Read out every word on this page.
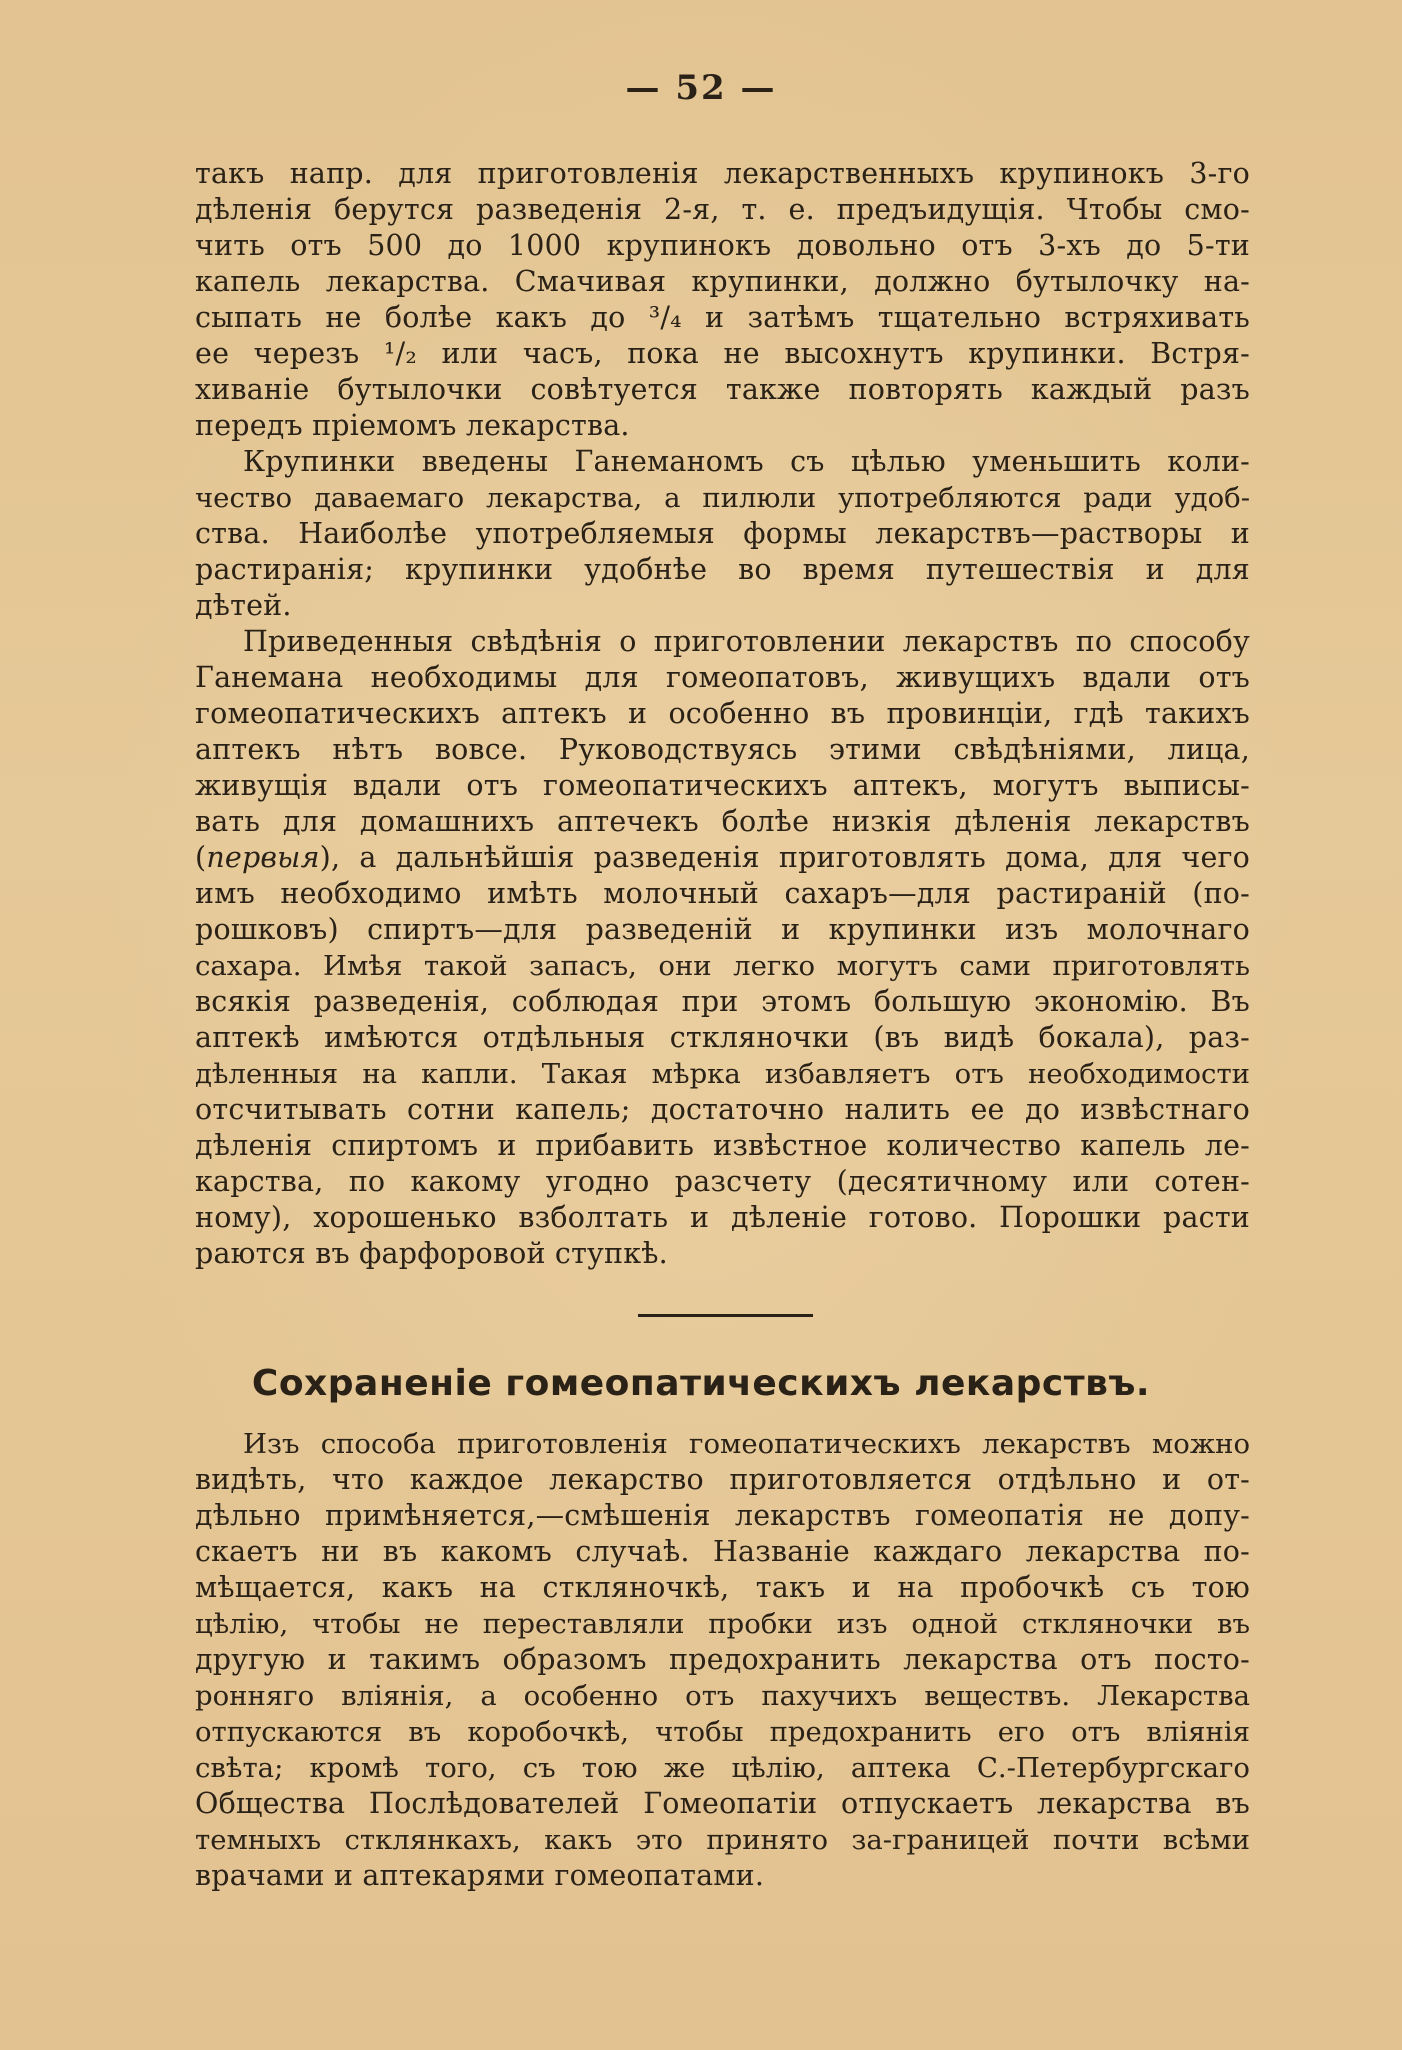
— 52 —
такъ напр. для приготовленія лекарственныхъ крупинокъ 3-го
дѣленія берутся разведенія 2-я, т. е. предъидущія. Чтобы смо-
чить отъ 500 до 1000 крупинокъ довольно отъ 3-хъ до 5-ти
капель лекарства. Смачивая крупинки, должно бутылочку на-
сыпать не болѣе какъ до ³/₄ и затѣмъ тщательно встряхивать
ее черезъ ¹/₂ или часъ, пока не высохнутъ крупинки. Встря-
хиванiе бутылочки совѣтуется также повторять каждый разъ
передъ пріемомъ лекарства.
Крупинки введены Ганеманомъ съ цѣлью уменьшить коли-
чество даваемаго лекарства, а пилюли употребляются ради удоб-
ства. Наиболѣе употребляемыя формы лекарствъ—растворы и
растиранія; крупинки удобнѣе во время путешествія и для
дѣтей.
Приведенныя свѣдѣнія о приготовлении лекарствъ по способу
Ганемана необходимы для гомеопатовъ, живущихъ вдали отъ
гомеопатическихъ аптекъ и особенно въ провинціи, гдѣ такихъ
аптекъ нѣтъ вовсе. Руководствуясь этими свѣдѣніями, лица,
живущія вдали отъ гомеопатическихъ аптекъ, могутъ выписы-
вать для домашнихъ аптечекъ болѣе низкія дѣленія лекарствъ
(первыя), а дальнѣйшія разведенія приготовлять дома, для чего
имъ необходимо имѣть молочный сахаръ—для растираній (по-
рошковъ) спиртъ—для разведеній и крупинки изъ молочнаго
сахара. Имѣя такой запасъ, они легко могутъ сами приготовлять
всякія разведенія, соблюдая при этомъ большую экономію. Въ
аптекѣ имѣются отдѣльныя стклянoчки (въ видѣ бокала), раз-
дѣленныя на капли. Такая мѣрка избавляетъ отъ необходимости
отсчитывать сотни капель; достаточно налить ее до извѣстнаго
дѣленія спиртомъ и прибавить извѣстное количество капель ле-
карства, по какому угодно разсчету (десятичному или сотен-
ному), хорошенько взболтать и дѣленіе готово. Порошки расти
раются въ фарфоровой ступкѣ.
Сохраненіе гомеопатическихъ лекарствъ.
Изъ способа приготовленія гомеопатическихъ лекарствъ можно
видѣть, что каждое лекарство приготовляется отдѣльно и от-
дѣльно примѣняется,—смѣшенія лекарствъ гомеопатія не допу-
скаетъ ни въ какомъ случаѣ. Названіе каждаго лекарства по-
мѣщается, какъ на стклянoчкѣ, такъ и на пробочкѣ съ тою
цѣлію, чтобы не переставляли пробки изъ одной стклянoчки въ
другую и такимъ образомъ предохранить лекарства отъ посто-
ронняго вліянія, а особенно отъ пахучихъ веществъ. Лекарства
отпускаются въ коробочкѣ, чтобы предохранить его отъ вліянія
свѣта; кромѣ того, съ тою же цѣлію, аптека С.-Петербургскаго
Общества Послѣдователей Гомеопатіи отпускаетъ лекарства въ
темныхъ стклянкахъ, какъ это принято за-границей почти всѣми
врачами и аптекарями гомеопатами.
